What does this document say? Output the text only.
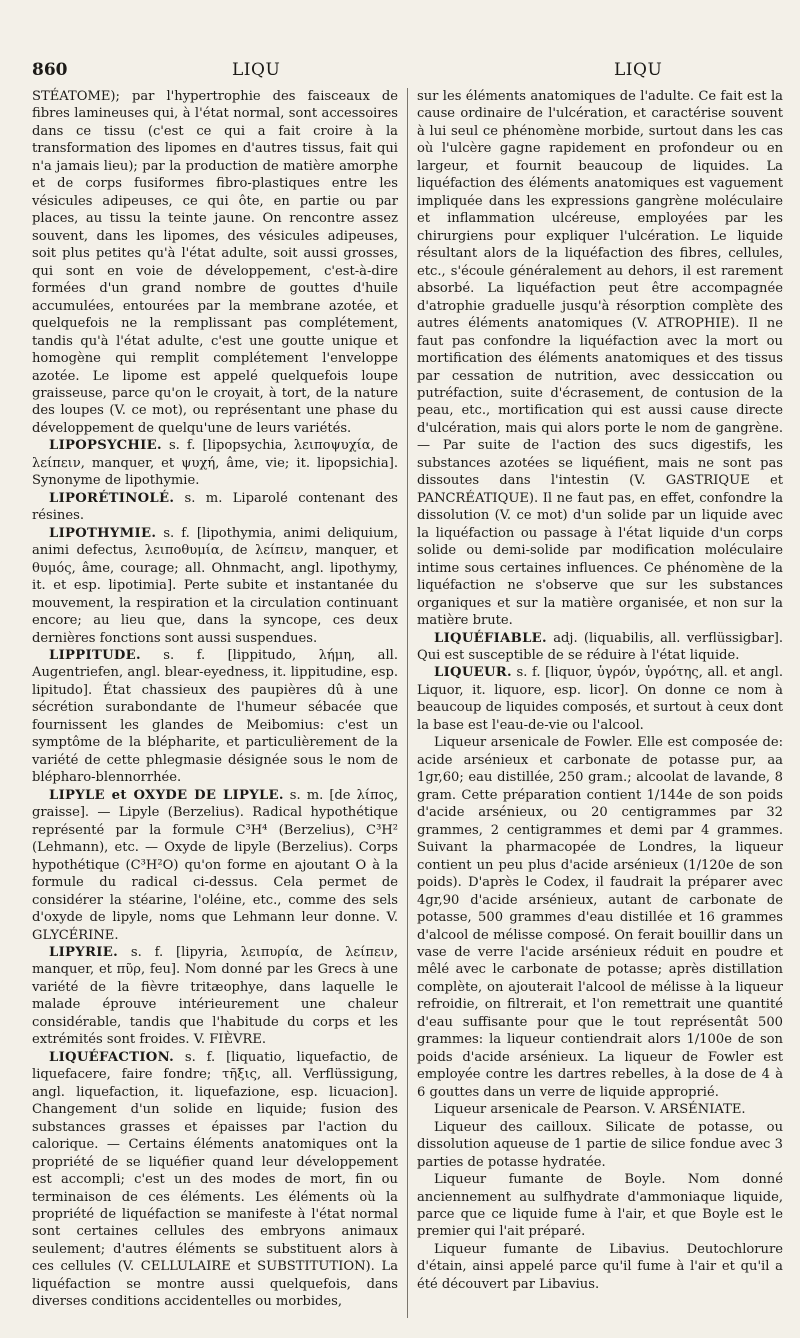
860	LIQU	LIQU

STÉATOME); par l'hypertrophie des faisceaux de fibres lamineuses qui, à l'état normal, sont accessoires dans ce tissu (c'est ce qui a fait croire à la transformation des lipomes en d'autres tissus, fait qui n'a jamais lieu); par la production de matière amorphe et de corps fusiformes fibro-plastiques entre les vésicules adipeuses, ce qui ôte, en partie ou par places, au tissu la teinte jaune. On rencontre assez souvent, dans les lipomes, des vésicules adipeuses, soit plus petites qu'à l'état adulte, soit aussi grosses, qui sont en voie de développement, c'est-à-dire formées d'un grand nombre de gouttes d'huile accumulées, entourées par la membrane azotée, et quelquefois ne la remplissant pas complétement, tandis qu'à l'état adulte, c'est une goutte unique et homogène qui remplit complétement l'enveloppe azotée. Le lipome est appelé quelquefois loupe graisseuse, parce qu'on le croyait, à tort, de la nature des loupes (V. ce mot), ou représentant une phase du développement de quelqu'une de leurs variétés.

LIPOPSYCHIE. s. f. [lipopsychia, λειποψυχία, de λείπειν, manquer, et ψυχή, âme, vie; it. lipopsichia]. Synonyme de lipothymie.

LIPORÉTINOLÉ. s. m. Liparolé contenant des résines.

LIPOTHYMIE. s. f. [lipothymia, animi deliquium, animi defectus, λειποθυμία, de λείπειν, manquer, et θυμός, âme, courage; all. Ohnmacht, angl. lipothymy, it. et esp. lipotimia]. Perte subite et instantanée du mouvement, la respiration et la circulation continuant encore; au lieu que, dans la syncope, ces deux dernières fonctions sont aussi suspendues.

LIPPITUDE. s. f. [lippitudo, λήμη, all. Augentriefen, angl. blear-eyedness, it. lippitudine, esp. lipitudo]. État chassieux des paupières dû à une sécrétion surabondante de l'humeur sébacée que fournissent les glandes de Meibomius: c'est un symptôme de la blépharite, et particulièrement de la variété de cette phlegmasie désignée sous le nom de blépharo-blennorrhée.

LIPYLE et OXYDE DE LIPYLE. s. m. [de λίπος, graisse]. — Lipyle (Berzelius). Radical hypothétique représenté par la formule C³H⁴ (Berzelius), C³H² (Lehmann), etc. — Oxyde de lipyle (Berzelius). Corps hypothétique (C³H²O) qu'on forme en ajoutant O à la formule du radical ci-dessus. Cela permet de considérer la stéarine, l'oléine, etc., comme des sels d'oxyde de lipyle, noms que Lehmann leur donne. V. GLYCÉRINE.

LIPYRIE. s. f. [lipyria, λειπυρία, de λείπειν, manquer, et πῦρ, feu]. Nom donné par les Grecs à une variété de la fièvre tritæophye, dans laquelle le malade éprouve intérieurement une chaleur considérable, tandis que l'habitude du corps et les extrémités sont froides. V. FIÈVRE.

LIQUÉFACTION. s. f. [liquatio, liquefactio, de liquefacere, faire fondre; τῆξις, all. Verflüssigung, angl. liquefaction, it. liquefazione, esp. licuacion]. Changement d'un solide en liquide; fusion des substances grasses et épaisses par l'action du calorique. — Certains éléments anatomiques ont la propriété de se liquéfier quand leur développement est accompli; c'est un des modes de mort, fin ou terminaison de ces éléments. Les éléments où la propriété de liquéfaction se manifeste à l'état normal sont certaines cellules des embryons animaux seulement; d'autres éléments se substituent alors à ces cellules (V. CELLULAIRE et SUBSTITUTION). La liquéfaction se montre aussi quelquefois, dans diverses conditions accidentelles ou morbides,

sur les éléments anatomiques de l'adulte. Ce fait est la cause ordinaire de l'ulcération, et caractérise souvent à lui seul ce phénomène morbide, surtout dans les cas où l'ulcère gagne rapidement en profondeur ou en largeur, et fournit beaucoup de liquides. La liquéfaction des éléments anatomiques est vaguement impliquée dans les expressions gangrène moléculaire et inflammation ulcéreuse, employées par les chirurgiens pour expliquer l'ulcération. Le liquide résultant alors de la liquéfaction des fibres, cellules, etc., s'écoule généralement au dehors, il est rarement absorbé. La liquéfaction peut être accompagnée d'atrophie graduelle jusqu'à résorption complète des autres éléments anatomiques (V. ATROPHIE). Il ne faut pas confondre la liquéfaction avec la mort ou mortification des éléments anatomiques et des tissus par cessation de nutrition, avec dessiccation ou putréfaction, suite d'écrasement, de contusion de la peau, etc., mortification qui est aussi cause directe d'ulcération, mais qui alors porte le nom de gangrène. — Par suite de l'action des sucs digestifs, les substances azotées se liquéfient, mais ne sont pas dissoutes dans l'intestin (V. GASTRIQUE et PANCRÉATIQUE). Il ne faut pas, en effet, confondre la dissolution (V. ce mot) d'un solide par un liquide avec la liquéfaction ou passage à l'état liquide d'un corps solide ou demi-solide par modification moléculaire intime sous certaines influences. Ce phénomène de la liquéfaction ne s'observe que sur les substances organiques et sur la matière organisée, et non sur la matière brute.

LIQUÉFIABLE. adj. (liquabilis, all. verflüssigbar]. Qui est susceptible de se réduire à l'état liquide.

LIQUEUR. s. f. [liquor, ὑγρόν, ὑγρότης, all. et angl. Liquor, it. liquore, esp. licor]. On donne ce nom à beaucoup de liquides composés, et surtout à ceux dont la base est l'eau-de-vie ou l'alcool.

Liqueur arsenicale de Fowler. Elle est composée de: acide arsénieux et carbonate de potasse pur, aa 1gr,60; eau distillée, 250 gram.; alcoolat de lavande, 8 gram. Cette préparation contient 1/144e de son poids d'acide arsénieux, ou 20 centigrammes par 32 grammes, 2 centigrammes et demi par 4 grammes. Suivant la pharmacopée de Londres, la liqueur contient un peu plus d'acide arsénieux (1/120e de son poids). D'après le Codex, il faudrait la préparer avec 4gr,90 d'acide arsénieux, autant de carbonate de potasse, 500 grammes d'eau distillée et 16 grammes d'alcool de mélisse composé. On ferait bouillir dans un vase de verre l'acide arsénieux réduit en poudre et mêlé avec le carbonate de potasse; après distillation complète, on ajouterait l'alcool de mélisse à la liqueur refroidie, on filtrerait, et l'on remettrait une quantité d'eau suffisante pour que le tout représentât 500 grammes: la liqueur contiendrait alors 1/100e de son poids d'acide arsénieux. La liqueur de Fowler est employée contre les dartres rebelles, à la dose de 4 à 6 gouttes dans un verre de liquide approprié.

Liqueur arsenicale de Pearson. V. ARSÉNIATE.

Liqueur des cailloux. Silicate de potasse, ou dissolution aqueuse de 1 partie de silice fondue avec 3 parties de potasse hydratée.

Liqueur fumante de Boyle. Nom donné anciennement au sulfhydrate d'ammoniaque liquide, parce que ce liquide fume à l'air, et que Boyle est le premier qui l'ait préparé.

Liqueur fumante de Libavius. Deutochlorure d'étain, ainsi appelé parce qu'il fume à l'air et qu'il a été découvert par Libavius.
